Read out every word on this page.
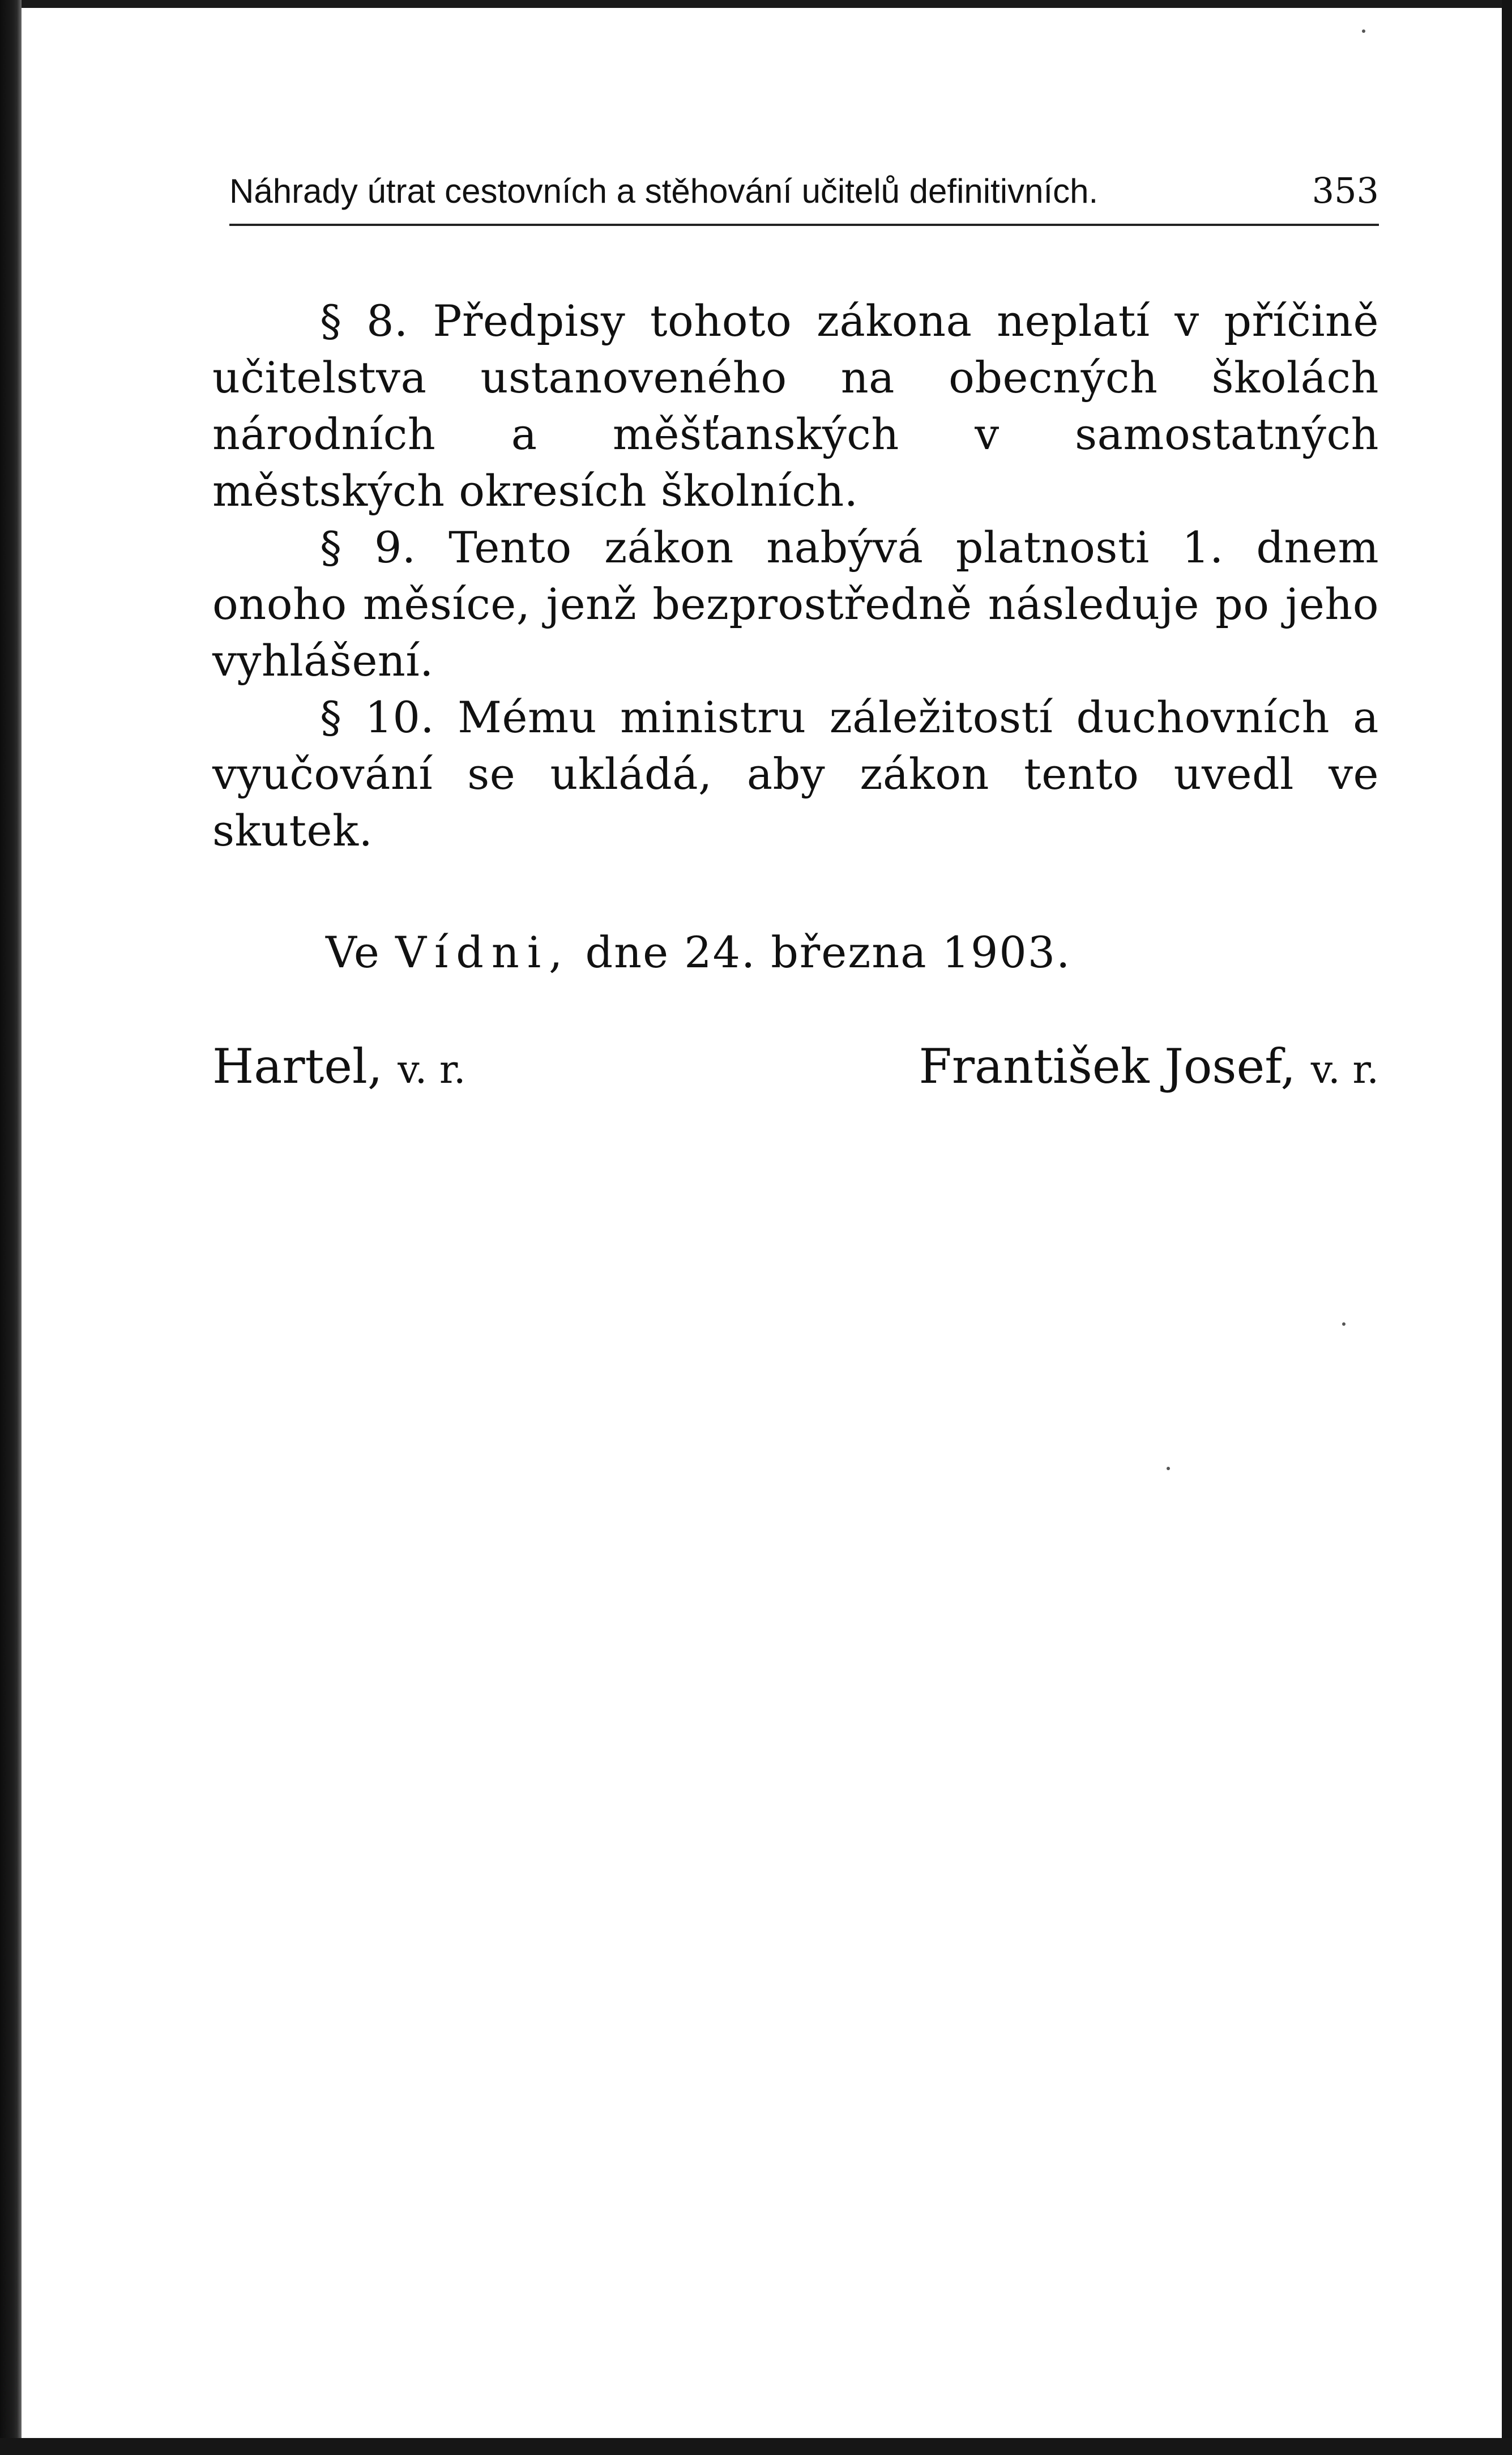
Náhrady útrat cestovních a stěhování učitelů definitivních.	353

§ 8. Předpisy tohoto zákona neplatí v příčině učitelstva ustanoveného na obecných školách národních a měšťanských v samostatných městských okresích školních.

§ 9. Tento zákon nabývá platnosti 1. dnem onoho měsíce, jenž bezprostředně následuje po jeho vyhlášení.

§ 10. Mému ministru záležitostí duchovních a vyučování se ukládá, aby zákon tento uvedl ve skutek.

Ve Vídni, dne 24. března 1903.
Hartel, v. r.	František Josef, v. r.
